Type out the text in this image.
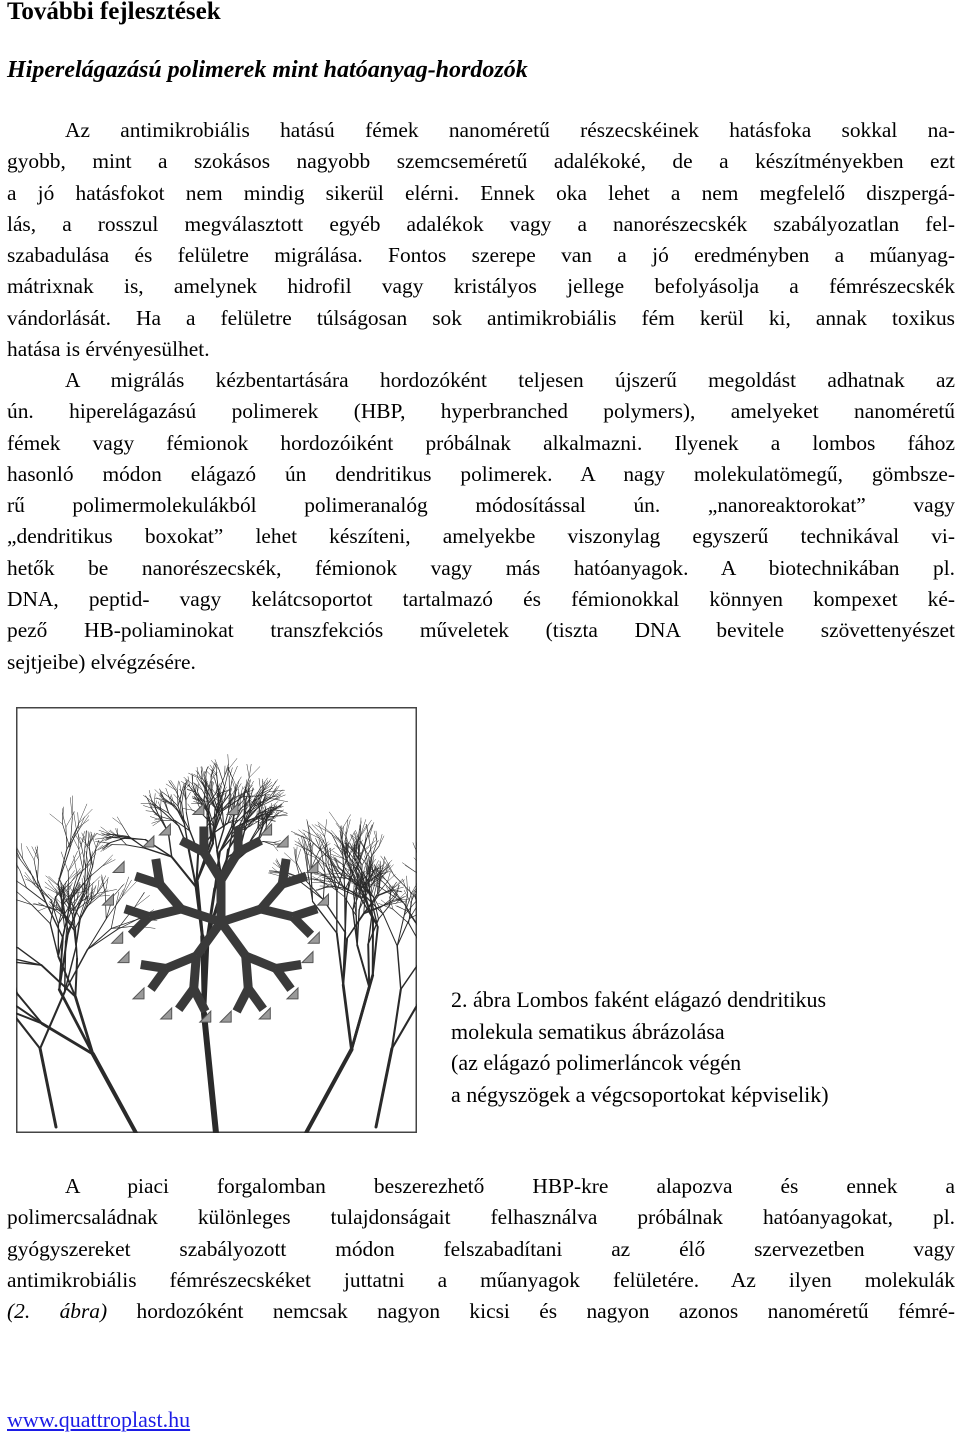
További fejlesztések
Hiperelágazású polimerek mint hatóanyag-hordozók
Az antimikrobiális hatású fémek nanoméretű részecskéinek hatásfoka sokkal na-
gyobb, mint a szokásos nagyobb szemcseméretű adalékoké, de a készítményekben ezt
a jó hatásfokot nem mindig sikerül elérni. Ennek oka lehet a nem megfelelő diszpergá-
lás, a rosszul megválasztott egyéb adalékok vagy a nanorészecskék szabályozatlan fel-
szabadulása és felületre migrálása. Fontos szerepe van a jó eredményben a műanyag-
mátrixnak is, amelynek hidrofil vagy kristályos jellege befolyásolja a fémrészecskék
vándorlását. Ha a felületre túlságosan sok antimikrobiális fém kerül ki, annak toxikus
hatása is érvényesülhet.
A migrálás kézbentartására hordozóként teljesen újszerű megoldást adhatnak az
ún. hiperelágazású polimerek (HBP, hyperbranched polymers), amelyeket nanoméretű
fémek vagy fémionok hordozóiként próbálnak alkalmazni. Ilyenek a lombos fához
hasonló módon elágazó ún dendritikus polimerek. A nagy molekulatömegű, gömbsze-
rű polimermolekulákból polimeranalóg módosítással ún. „nanoreaktorokat” vagy
„dendritikus boxokat” lehet készíteni, amelyekbe viszonylag egyszerű technikával vi-
hetők be nanorészecskék, fémionok vagy más hatóanyagok. A biotechnikában pl.
DNA, peptid- vagy kelátcsoportot tartalmazó és fémionokkal könnyen kompexet ké-
pező HB-poliaminokat transzfekciós műveletek (tiszta DNA bevitele szövettenyészet
sejtjeibe) elvégzésére.
2. ábra Lombos faként elágazó dendritikus
molekula sematikus ábrázolása
(az elágazó polimerláncok végén
a négyszögek a végcsoportokat képviselik)
A piaci forgalomban beszerezhető HBP-kre alapozva és ennek a
polimercsaládnak különleges tulajdonságait felhasználva próbálnak hatóanyagokat, pl.
gyógyszereket szabályozott módon felszabadítani az élő szervezetben vagy
antimikrobiális fémrészecskéket juttatni a műanyagok felületére. Az ilyen molekulák
(2. ábra) hordozóként nemcsak nagyon kicsi és nagyon azonos nanoméretű fémré-
www.quattroplast.hu
